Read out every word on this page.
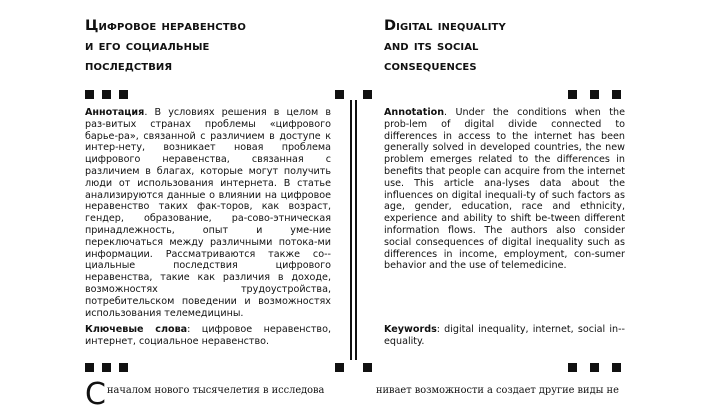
Цифровое неравенство
и его социальные
последствия
Аннотация. В условиях решения в целом в раз-витых странах проблемы «цифрового барье-ра», связанной с различием в доступе к интер-нету, возникает новая проблема цифрового неравенства, связанная с различием в благах, которые могут получить люди от использования интернета. В статье анализируются данные о влиянии на цифровое неравенство таких фак-торов, как возраст, гендер, образование, ра-сово-этническая принадлежность, опыт и уме-ние переключаться между различными потока-ми информации. Рассматриваются также со-циальные последствия цифрового неравенства, такие как различия в доходе, возможностях трудоустройства, потребительском поведении и возможностях использования телемедицины.
Ключевые слова: цифровое неравенство, интернет, социальное неравенство.
С началом нового тысячелетия в исследова
Digital inequality
and its social
consequences
Annotation. Under the conditions when the prob-lem of digital divide connected to differences in access to the internet has been generally solved in developed countries, the new problem emerges related to the differences in benefits that people can acquire from the internet use. This article ana-lyses data about the influences on digital inequali-ty of such factors as age, gender, education, race and ethnicity, experience and ability to shift be-tween different information flows. The authors also consider social consequences of digital inequality such as differences in income, employment, con-sumer behavior and the use of telemedicine.
Keywords: digital inequality, internet, social in-equality.
нивает возможности а создает другие виды не
